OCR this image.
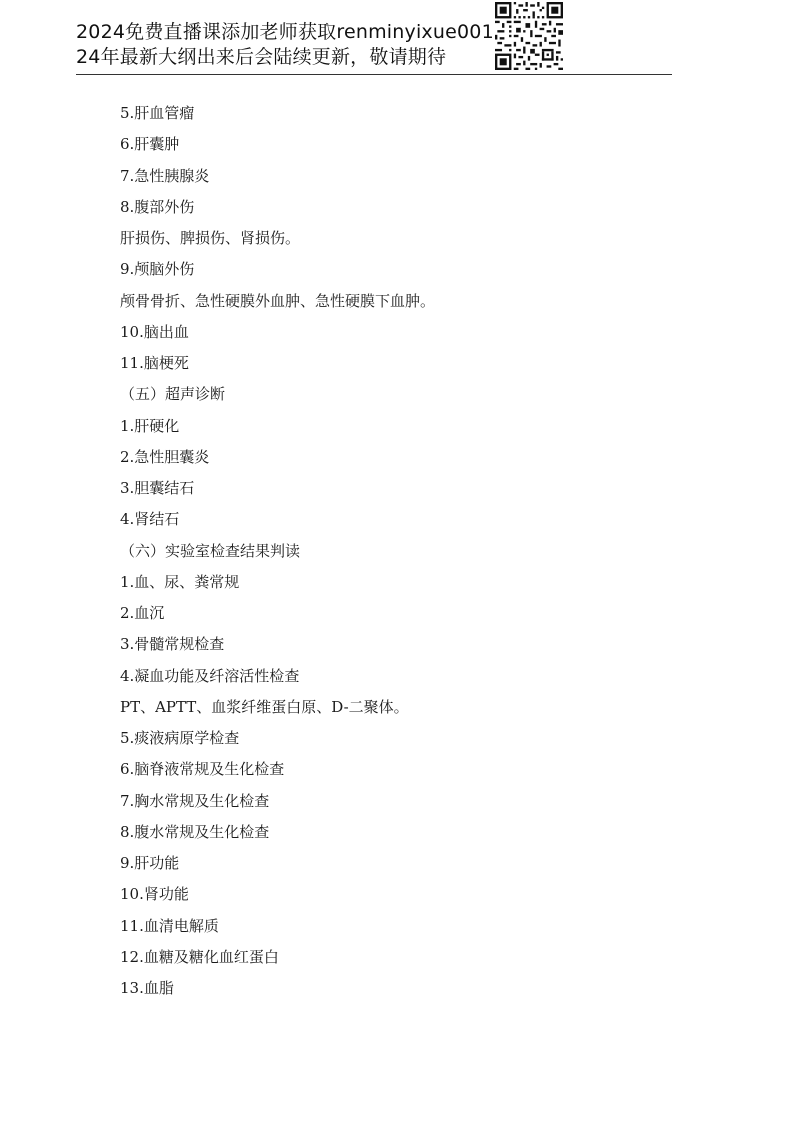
2024免费直播课添加老师获取renminyixue001
24年最新大纲出来后会陆续更新，敬请期待
5.肝血管瘤
6.肝囊肿
7.急性胰腺炎
8.腹部外伤
肝损伤、脾损伤、肾损伤。
9.颅脑外伤
颅骨骨折、急性硬膜外血肿、急性硬膜下血肿。
10.脑出血
11.脑梗死
（五）超声诊断
1.肝硬化
2.急性胆囊炎
3.胆囊结石
4.肾结石
（六）实验室检查结果判读
1.血、尿、粪常规
2.血沉
3.骨髓常规检查
4.凝血功能及纤溶活性检查
PT、APTT、血浆纤维蛋白原、D-二聚体。
5.痰液病原学检查
6.脑脊液常规及生化检查
7.胸水常规及生化检查
8.腹水常规及生化检查
9.肝功能
10.肾功能
11.血清电解质
12.血糖及糖化血红蛋白
13.血脂
